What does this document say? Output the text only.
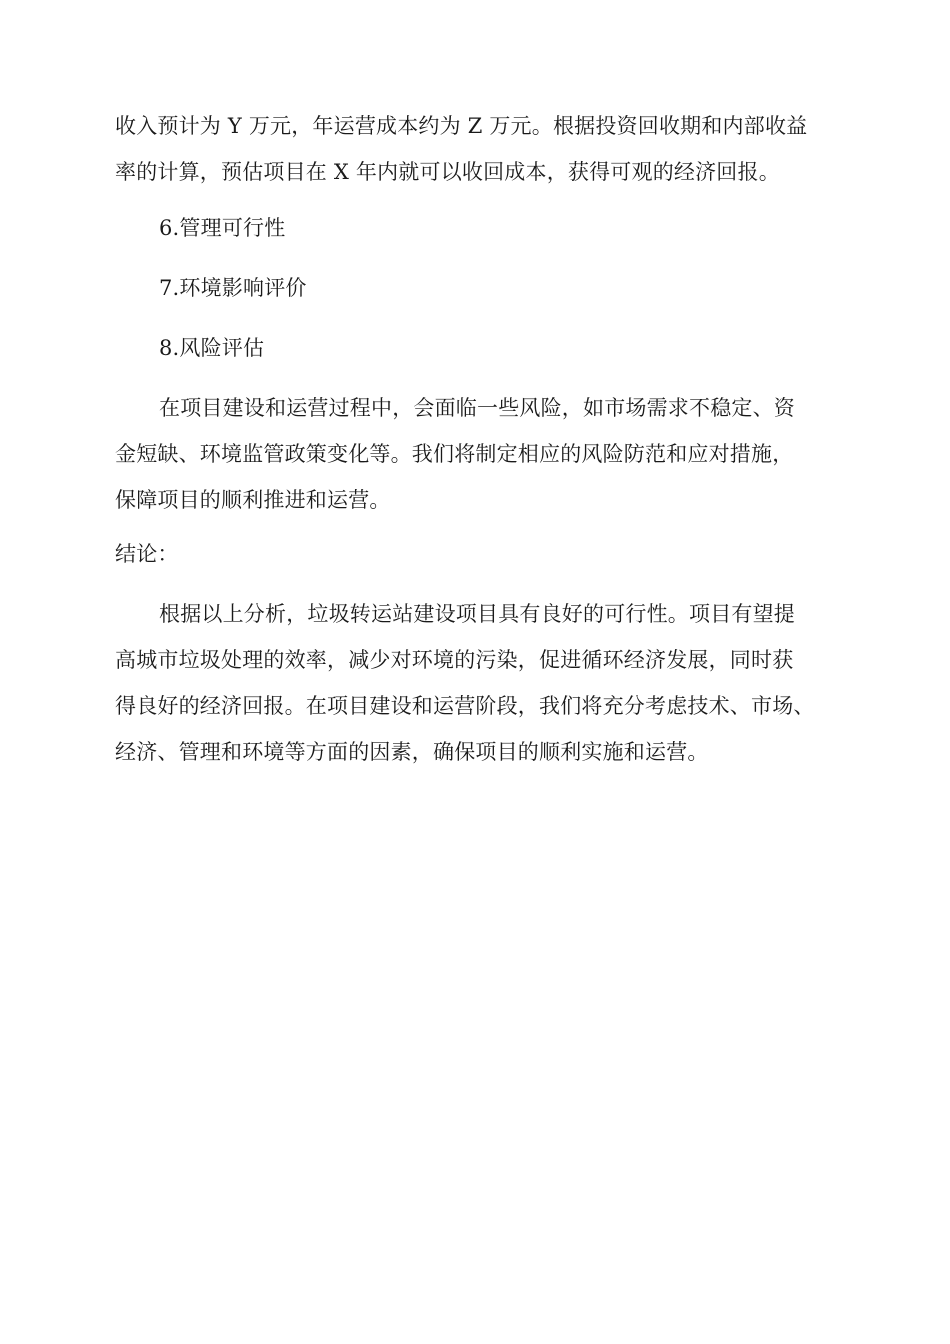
收入预计为 Y 万元，年运营成本约为 Z 万元。根据投资回收期和内部收益
率的计算，预估项目在 X 年内就可以收回成本，获得可观的经济回报。
6.管理可行性
7.环境影响评价
8.风险评估
在项目建设和运营过程中，会面临一些风险，如市场需求不稳定、资
金短缺、环境监管政策变化等。我们将制定相应的风险防范和应对措施，
保障项目的顺利推进和运营。
结论：
根据以上分析，垃圾转运站建设项目具有良好的可行性。项目有望提
高城市垃圾处理的效率，减少对环境的污染，促进循环经济发展，同时获
得良好的经济回报。在项目建设和运营阶段，我们将充分考虑技术、市场、
经济、管理和环境等方面的因素，确保项目的顺利实施和运营。
